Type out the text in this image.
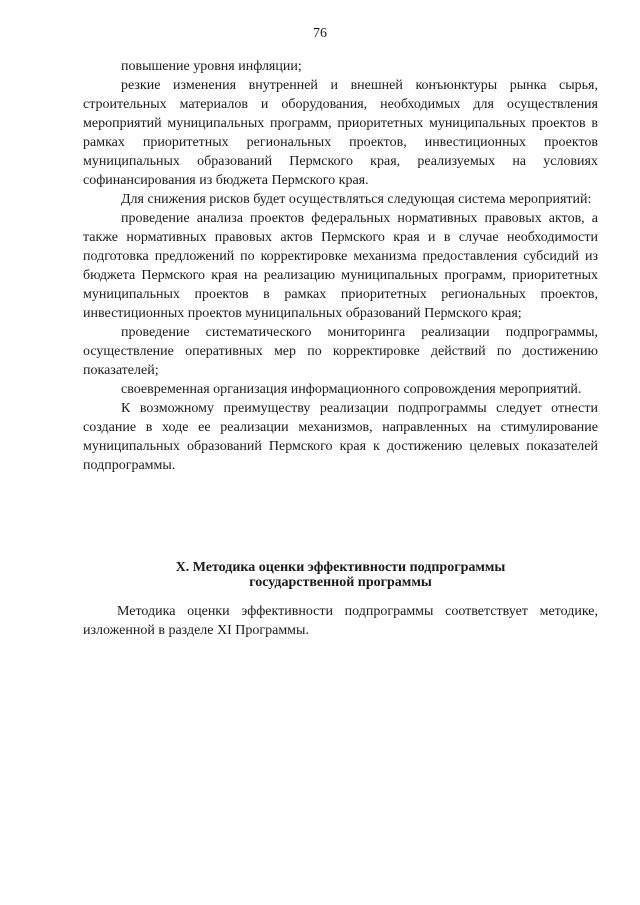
76

повышение уровня инфляции;

резкие изменения внутренней и внешней конъюнктуры рынка сырья, строительных материалов и оборудования, необходимых для осуществления мероприятий муниципальных программ, приоритетных муниципальных проектов в рамках приоритетных региональных проектов, инвестиционных проектов муниципальных образований Пермского края, реализуемых на условиях софинансирования из бюджета Пермского края.

Для снижения рисков будет осуществляться следующая система мероприятий:

проведение анализа проектов федеральных нормативных правовых актов, а также нормативных правовых актов Пермского края и в случае необходимости подготовка предложений по корректировке механизма предоставления субсидий из бюджета Пермского края на реализацию муниципальных программ, приоритетных муниципальных проектов в рамках приоритетных региональных проектов, инвестиционных проектов муниципальных образований Пермского края;

проведение систематического мониторинга реализации подпрограммы, осуществление оперативных мер по корректировке действий по достижению показателей;

своевременная организация информационного сопровождения мероприятий.

К возможному преимуществу реализации подпрограммы следует отнести создание в ходе ее реализации механизмов, направленных на стимулирование муниципальных образований Пермского края к достижению целевых показателей подпрограммы.

X. Методика оценки эффективности подпрограммы
государственной программы

Методика оценки эффективности подпрограммы соответствует методике, изложенной в разделе XI Программы.
